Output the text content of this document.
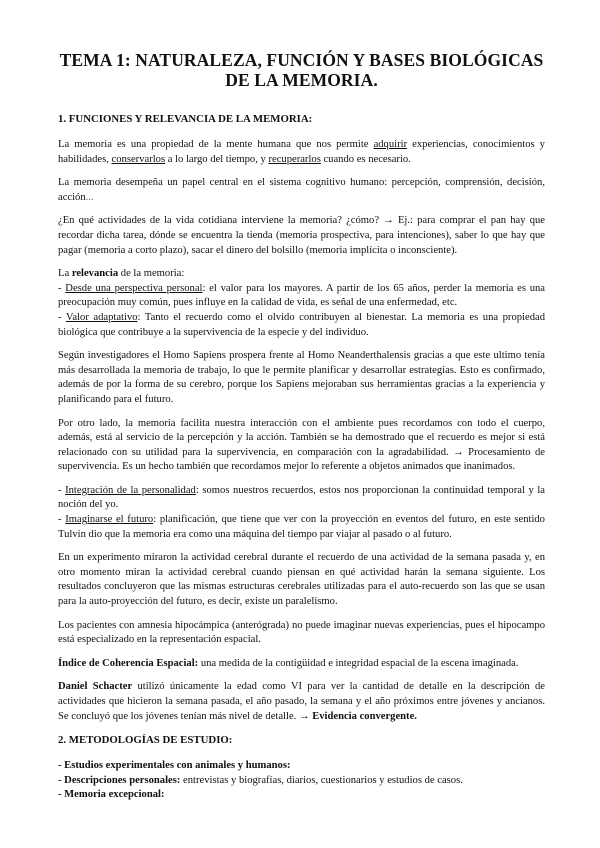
TEMA 1: NATURALEZA, FUNCIÓN Y BASES BIOLÓGICAS
DE LA MEMORIA.
1. FUNCIONES Y RELEVANCIA DE LA MEMORIA:

La memoria es una propiedad de la mente humana que nos permite adquirir experiencias, conocimientos y habilidades, conservarlos a lo largo del tiempo, y recuperarlos cuando es necesario.

La memoria desempeña un papel central en el sistema cognitivo humano: percepción, comprensión, decisión, acción...

¿En qué actividades de la vida cotidiana interviene la memoria? ¿cómo? → Ej.: para comprar el pan hay que recordar dicha tarea, dónde se encuentra la tienda (memoria prospectiva, para intenciones), saber lo que hay que pagar (memoria a corto plazo), sacar el dinero del bolsillo (memoria implícita o inconsciente).

La relevancia de la memoria:

- Desde una perspectiva personal: el valor para los mayores. A partir de los 65 años, perder la memoria es una preocupación muy común, pues influye en la calidad de vida, es señal de una enfermedad, etc.

- Valor adaptativo: Tanto el recuerdo como el olvido contribuyen al bienestar. La memoria es una propiedad biológica que contribuye a la supervivencia de la especie y del individuo.

Según investigadores el Homo Sapiens prospera frente al Homo Neanderthalensis gracias a que este ultimo tenía más desarrollada la memoria de trabajo, lo que le permite planificar y desarrollar estrategias. Esto es confirmado, además de por la forma de su cerebro, porque los Sapiens mejoraban sus herramientas gracias a la experiencia y planificando para el futuro.

Por otro lado, la memoria facilita nuestra interacción con el ambiente pues recordamos con todo el cuerpo, además, está al servicio de la percepción y la acción. También se ha demostrado que el recuerdo es mejor si está relacionado con su utilidad para la supervivencia, en comparación con la agradabilidad. → Procesamiento de supervivencia. Es un hecho también que recordamos mejor lo referente a objetos animados que inanimados.

- Integración de la personalidad: somos nuestros recuerdos, estos nos proporcionan la continuidad temporal y la noción del yo.

- Imaginarse el futuro: planificación, que tiene que ver con la proyección en eventos del futuro, en este sentido Tulvin dio que la memoria era como una máquina del tiempo par viajar al pasado o al futuro.

En un experimento miraron la actividad cerebral durante el recuerdo de una actividad de la semana pasada y, en otro momento miran la actividad cerebral cuando piensan en qué actividad harán la semana siguiente. Los resultados concluyeron que las mismas estructuras cerebrales utilizadas para el auto-recuerdo son las que se usan para la auto-proyección del futuro, es decir, existe un paralelismo.

Los pacientes con amnesia hipocámpica (anterógrada) no puede imaginar nuevas experiencias, pues el hipocampo está especializado en la representación espacial.

Índice de Coherencia Espacial: una medida de la contigüidad e integridad espacial de la escena imaginada.

Daniel Schacter utilizó únicamente la edad como VI para ver la cantidad de detalle en la descripción de actividades que hicieron la semana pasada, el año pasado, la semana y el año próximos entre jóvenes y ancianos. Se concluyó que los jóvenes tenían más nivel de detalle. → Evidencia convergente.

2. METODOLOGÍAS DE ESTUDIO:

- Estudios experimentales con animales y humanos:

- Descripciones personales: entrevistas y biografías, diarios, cuestionarios y estudios de casos.

- Memoria excepcional:
